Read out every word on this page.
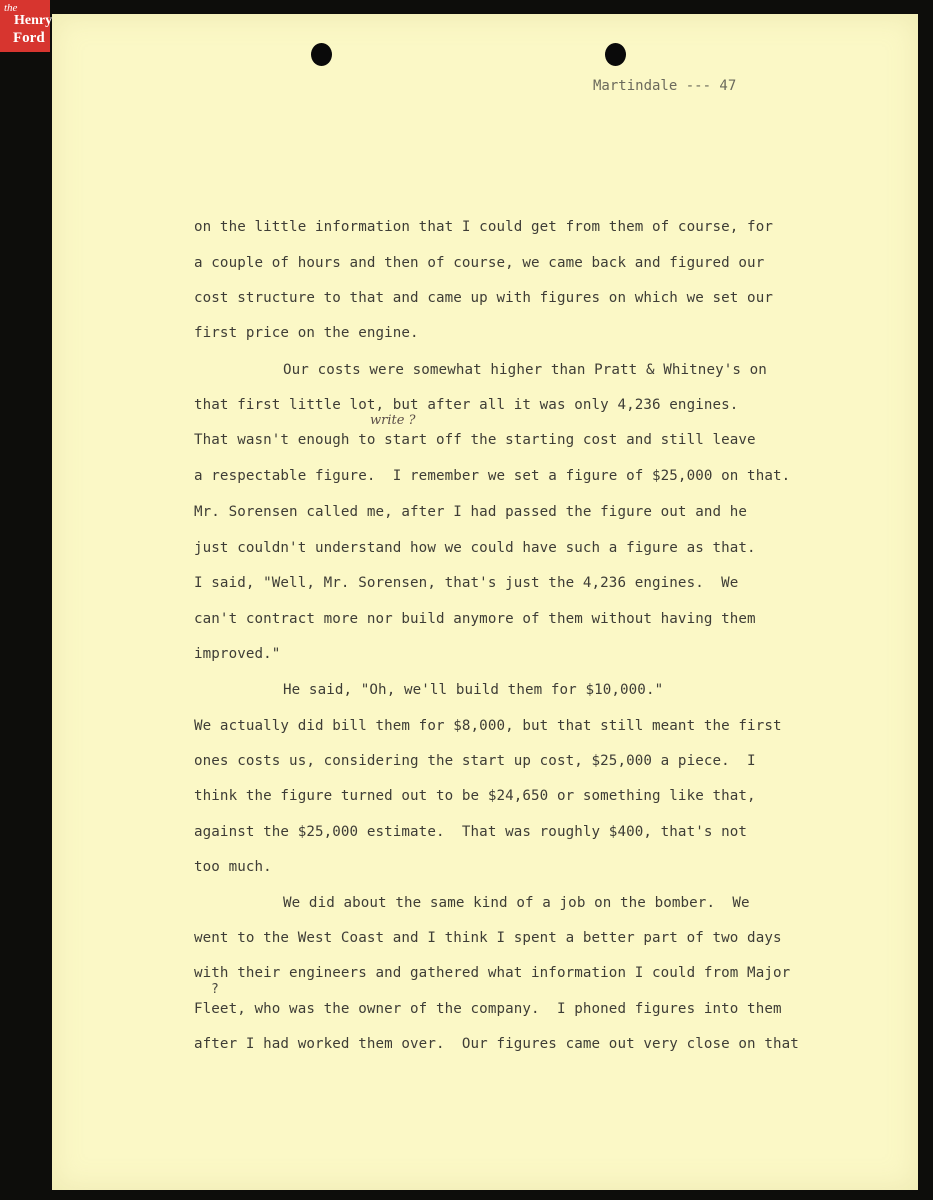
the
Henry
Ford
Martindale --- 47
on the little information that I could get from them of course, for
a couple of hours and then of course, we came back and figured our
cost structure to that and came up with figures on which we set our
first price on the engine.
Our costs were somewhat higher than Pratt & Whitney's on
that first little lot, but after all it was only 4,236 engines.
write ?
That wasn't enough to start off the starting cost and still leave
a respectable figure.  I remember we set a figure of $25,000 on that.
Mr. Sorensen called me, after I had passed the figure out and he
just couldn't understand how we could have such a figure as that.
I said, "Well, Mr. Sorensen, that's just the 4,236 engines.  We
can't contract more nor build anymore of them without having them
improved."
He said, "Oh, we'll build them for $10,000."
We actually did bill them for $8,000, but that still meant the first
ones costs us, considering the start up cost, $25,000 a piece.  I
think the figure turned out to be $24,650 or something like that,
against the $25,000 estimate.  That was roughly $400, that's not
too much.
We did about the same kind of a job on the bomber.  We
went to the West Coast and I think I spent a better part of two days
with their engineers and gathered what information I could from Major
?
Fleet, who was the owner of the company.  I phoned figures into them
after I had worked them over.  Our figures came out very close on that
